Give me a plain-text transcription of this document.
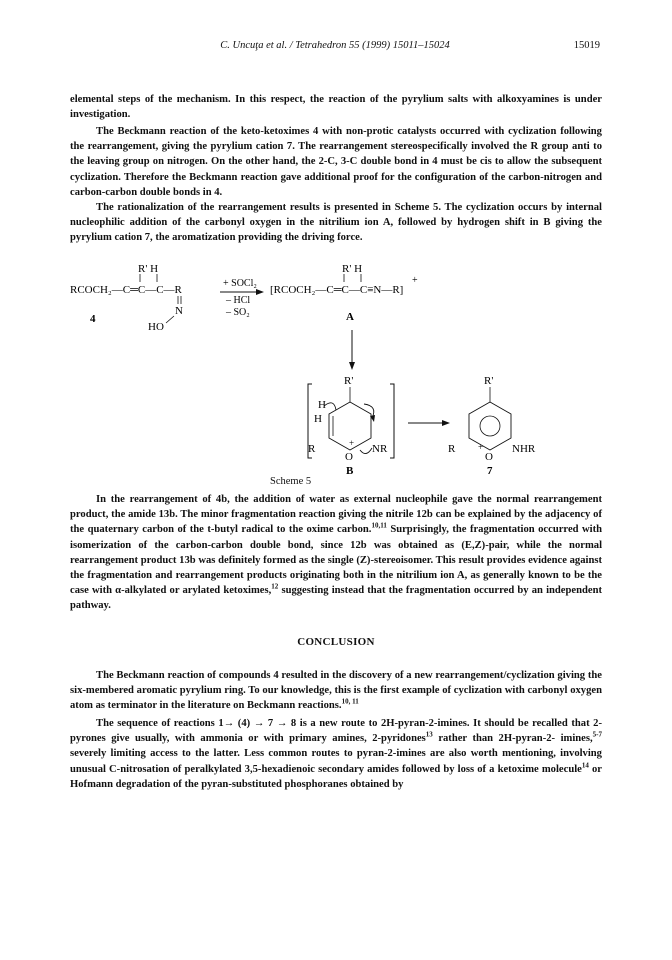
C. Uncuţa et al. / Tetrahedron 55 (1999) 15011–15024	15019
elemental steps of the mechanism. In this respect, the reaction of the pyrylium salts with alkoxyamines is under investigation.
The Beckmann reaction of the keto-ketoximes 4 with non-protic catalysts occurred with cyclization following the rearrangement, giving the pyrylium cation 7. The rearrangement stereospecifically involved the R group anti to the leaving group on nitrogen. On the other hand, the 2-C, 3-C double bond in 4 must be cis to allow the subsequent cyclization. Therefore the Beckmann reaction gave additional proof for the configuration of the carbon-nitrogen and carbon-carbon double bonds in 4.
The rationalization of the rearrangement results is presented in Scheme 5. The cyclization occurs by internal nucleophilic addition of the carbonyl oxygen in the nitrilium ion A, followed by hydrogen shift in B giving the pyrylium cation 7, the aromatization providing the driving force.
R' H
RCOCH₂—C═C—C—R
N
HO
4
+ SOCl₂
– HCl
– SO₂
R' H
+
[RCOCH₂—C═C—C≡N—R]
A
R'
H
H
R
O
+ NR
B
R'
R
O
+	NHR
7
Scheme 5
In the rearrangement of 4b, the addition of water as external nucleophile gave the normal rearrangement product, the amide 13b. The minor fragmentation reaction giving the nitrile 12b can be explained by the adjacency of the quaternary carbon of the t-butyl radical to the oxime carbon.$^{10,11}$ Surprisingly, the fragmentation occurred with isomerization of the carbon-carbon double bond, since 12b was obtained as (E,Z)-pair, while the normal rearrangement product 13b was definitely formed as the single (Z)-stereoisomer. This result provides evidence against the fragmentation and rearrangement products originating both in the nitrilium ion A, as generally known to be the case with α-alkylated or arylated ketoximes,$^{12}$ suggesting instead that the fragmentation occurred by an independent pathway.
CONCLUSION
The Beckmann reaction of compounds 4 resulted in the discovery of a new rearrangement/cyclization giving the six-membered aromatic pyrylium ring. To our knowledge, this is the first example of cyclization with carbonyl oxygen atom as terminator in the literature on Beckmann reactions.$^{10, 11}$
The sequence of reactions 1→ (4) → 7 → 8 is a new route to 2H-pyran-2-imines. It should be recalled that 2-pyrones give usually, with ammonia or with primary amines, 2-pyridones$^{13}$ rather than 2H-pyran-2- imines,$^{5-7}$ severely limiting access to the latter. Less common routes to pyran-2-imines are also worth mentioning, involving unusual C-nitrosation of peralkylated 3,5-hexadienoic secondary amides followed by loss of a ketoxime molecule$^{14}$ or Hofmann degradation of the pyran-substituted phosphoranes obtained by
